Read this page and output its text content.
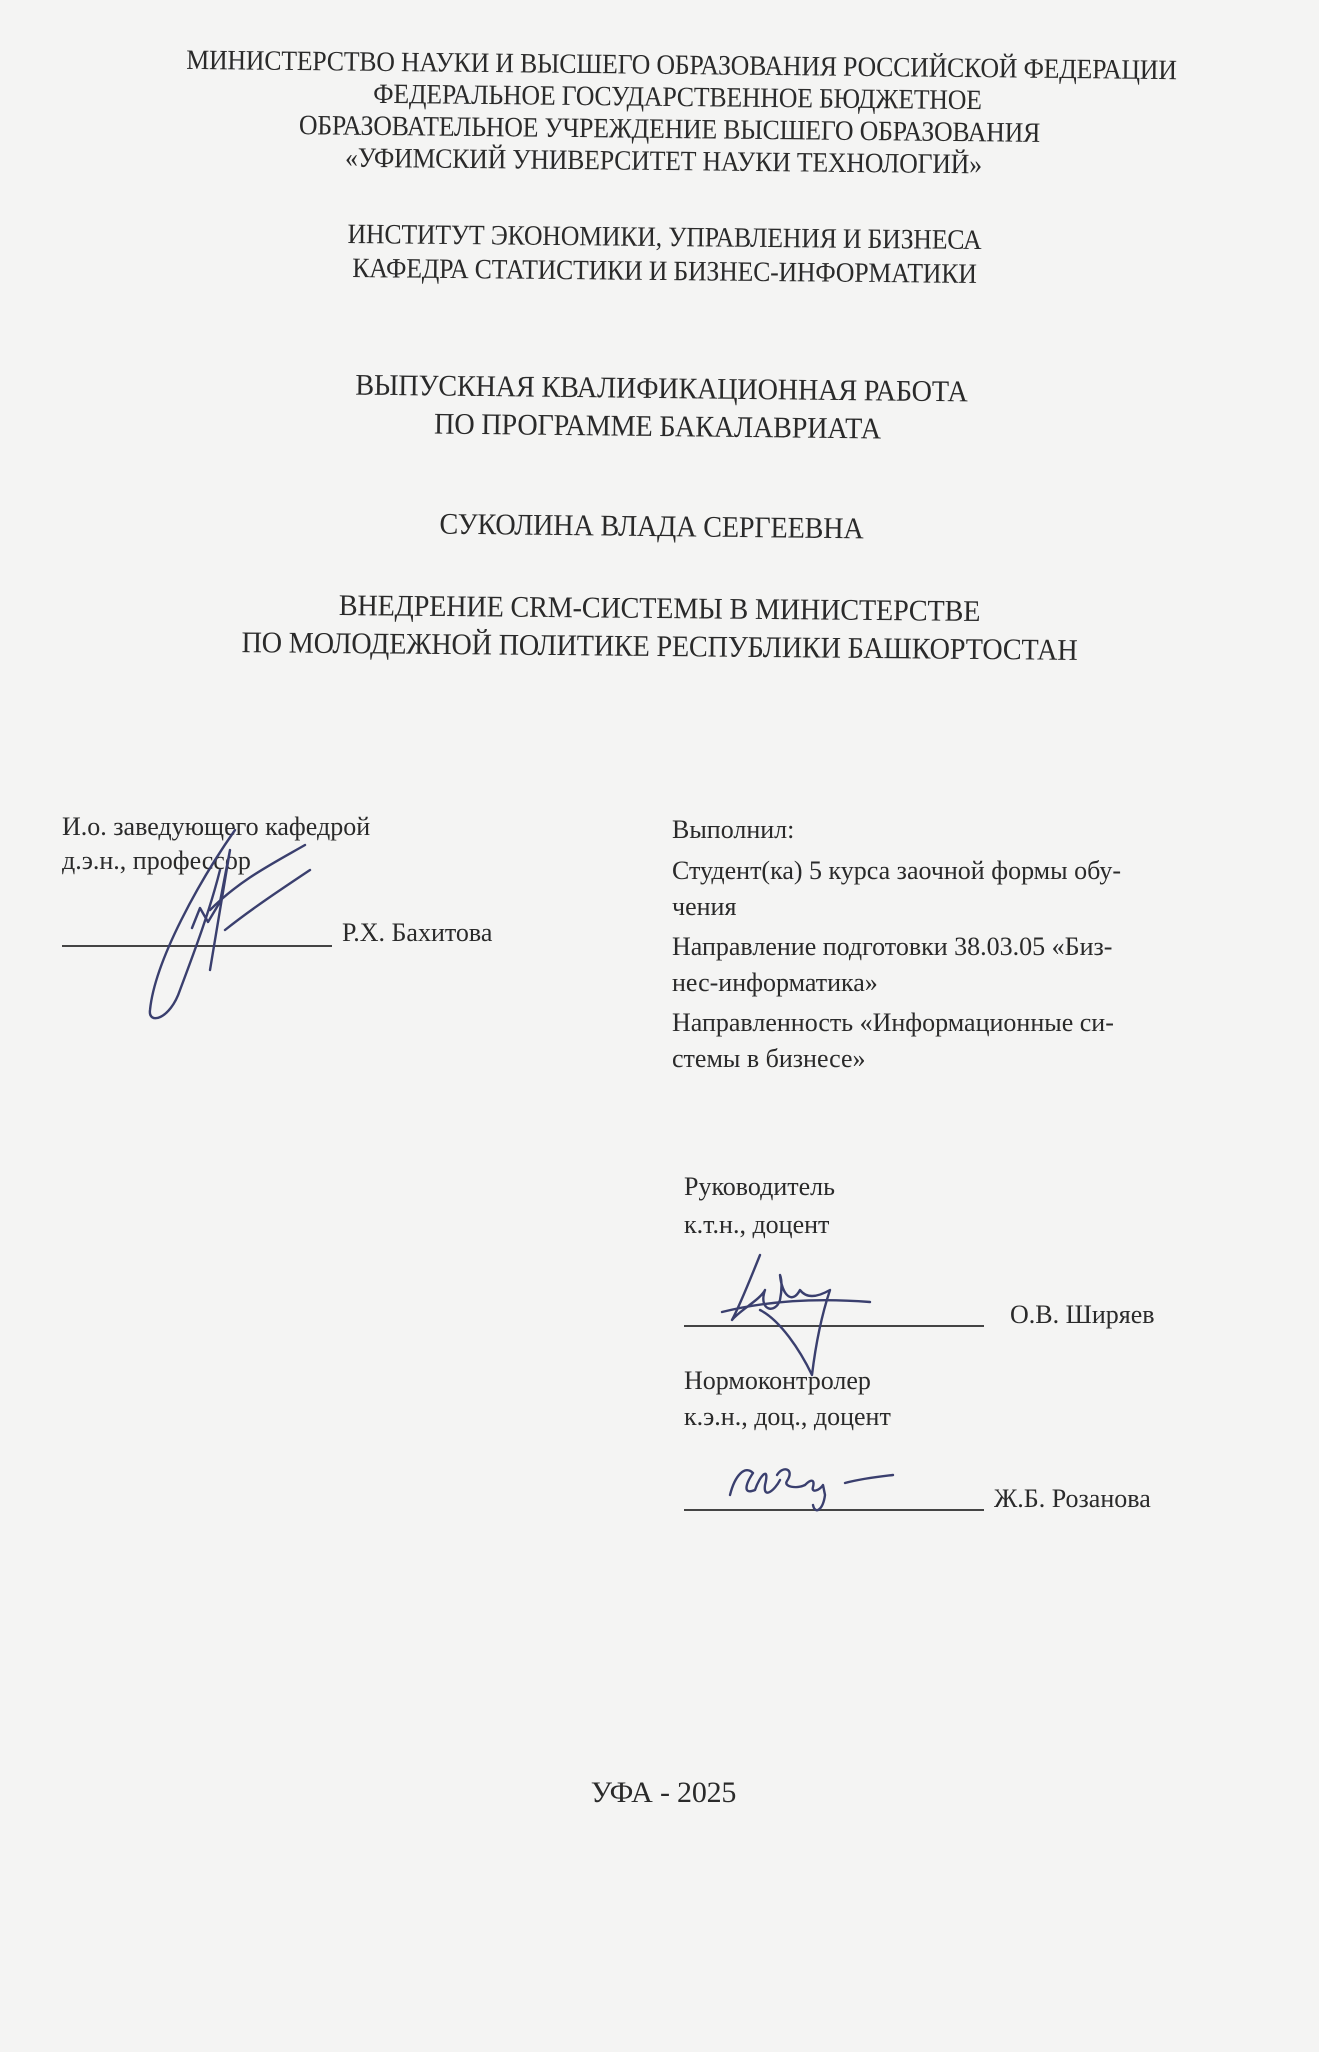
МИНИСТЕРСТВО НАУКИ И ВЫСШЕГО ОБРАЗОВАНИЯ РОССИЙСКОЙ ФЕДЕРАЦИИ
ФЕДЕРАЛЬНОЕ ГОСУДАРСТВЕННОЕ БЮДЖЕТНОЕ
ОБРАЗОВАТЕЛЬНОЕ УЧРЕЖДЕНИЕ ВЫСШЕГО ОБРАЗОВАНИЯ
«УФИМСКИЙ УНИВЕРСИТЕТ НАУКИ ТЕХНОЛОГИЙ»
ИНСТИТУТ ЭКОНОМИКИ, УПРАВЛЕНИЯ И БИЗНЕСА
КАФЕДРА СТАТИСТИКИ И БИЗНЕС-ИНФОРМАТИКИ
ВЫПУСКНАЯ КВАЛИФИКАЦИОННАЯ РАБОТА
ПО ПРОГРАММЕ БАКАЛАВРИАТА
СУКОЛИНА ВЛАДА СЕРГЕЕВНА
ВНЕДРЕНИЕ CRM-СИСТЕМЫ В МИНИСТЕРСТВЕ
ПО МОЛОДЕЖНОЙ ПОЛИТИКЕ РЕСПУБЛИКИ БАШКОРТОСТАН
И.о. заведующего кафедрой
д.э.н., профессор
Р.Х. Бахитова
Выполнил:
Студент(ка) 5 курса заочной формы обу-
чения
Направление подготовки 38.03.05 «Биз-
нес-информатика»
Направленность «Информационные си-
стемы в бизнесе»
Руководитель
к.т.н., доцент
О.В. Ширяев
Нормоконтролер
к.э.н., доц., доцент
Ж.Б. Розанова
УФА - 2025
